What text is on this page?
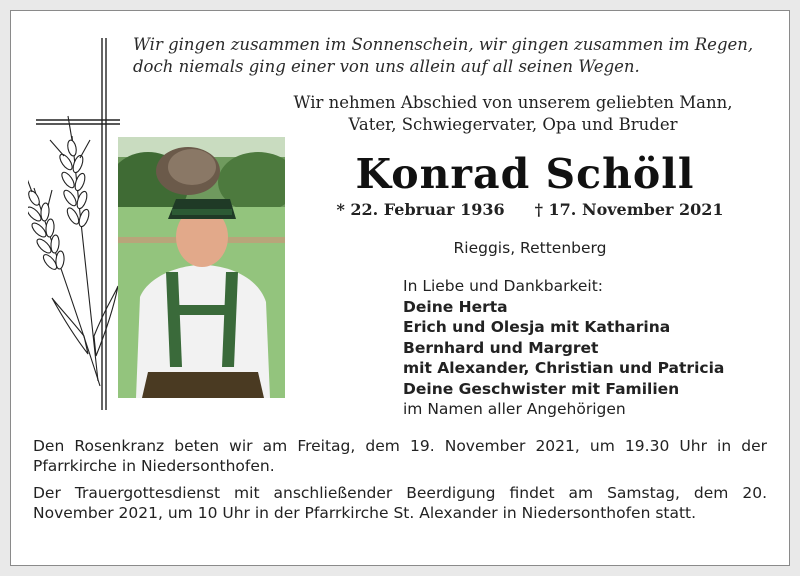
Wir gingen zusammen im Sonnenschein, wir gingen zusammen im Regen,
doch niemals ging einer von uns allein auf all seinen Wegen.
Wir nehmen Abschied von unserem geliebten Mann,
Vater, Schwiegervater, Opa und Bruder
Konrad Schöll
* 22. Februar 1936 † 17. November 2021
Rieggis, Rettenberg
In Liebe und Dankbarkeit:
Deine Herta
Erich und Olesja mit Katharina
Bernhard und Margret
mit Alexander, Christian und Patricia
Deine Geschwister mit Familien
im Namen aller Angehörigen
Den Rosenkranz beten wir am Freitag, dem 19. November 2021, um 19.30 Uhr in der Pfarrkirche in Niedersonthofen.
Der Trauergottesdienst mit anschließender Beerdigung findet am Samstag, dem 20. November 2021, um 10 Uhr in der Pfarrkirche St. Alexander in Niedersonthofen statt.
